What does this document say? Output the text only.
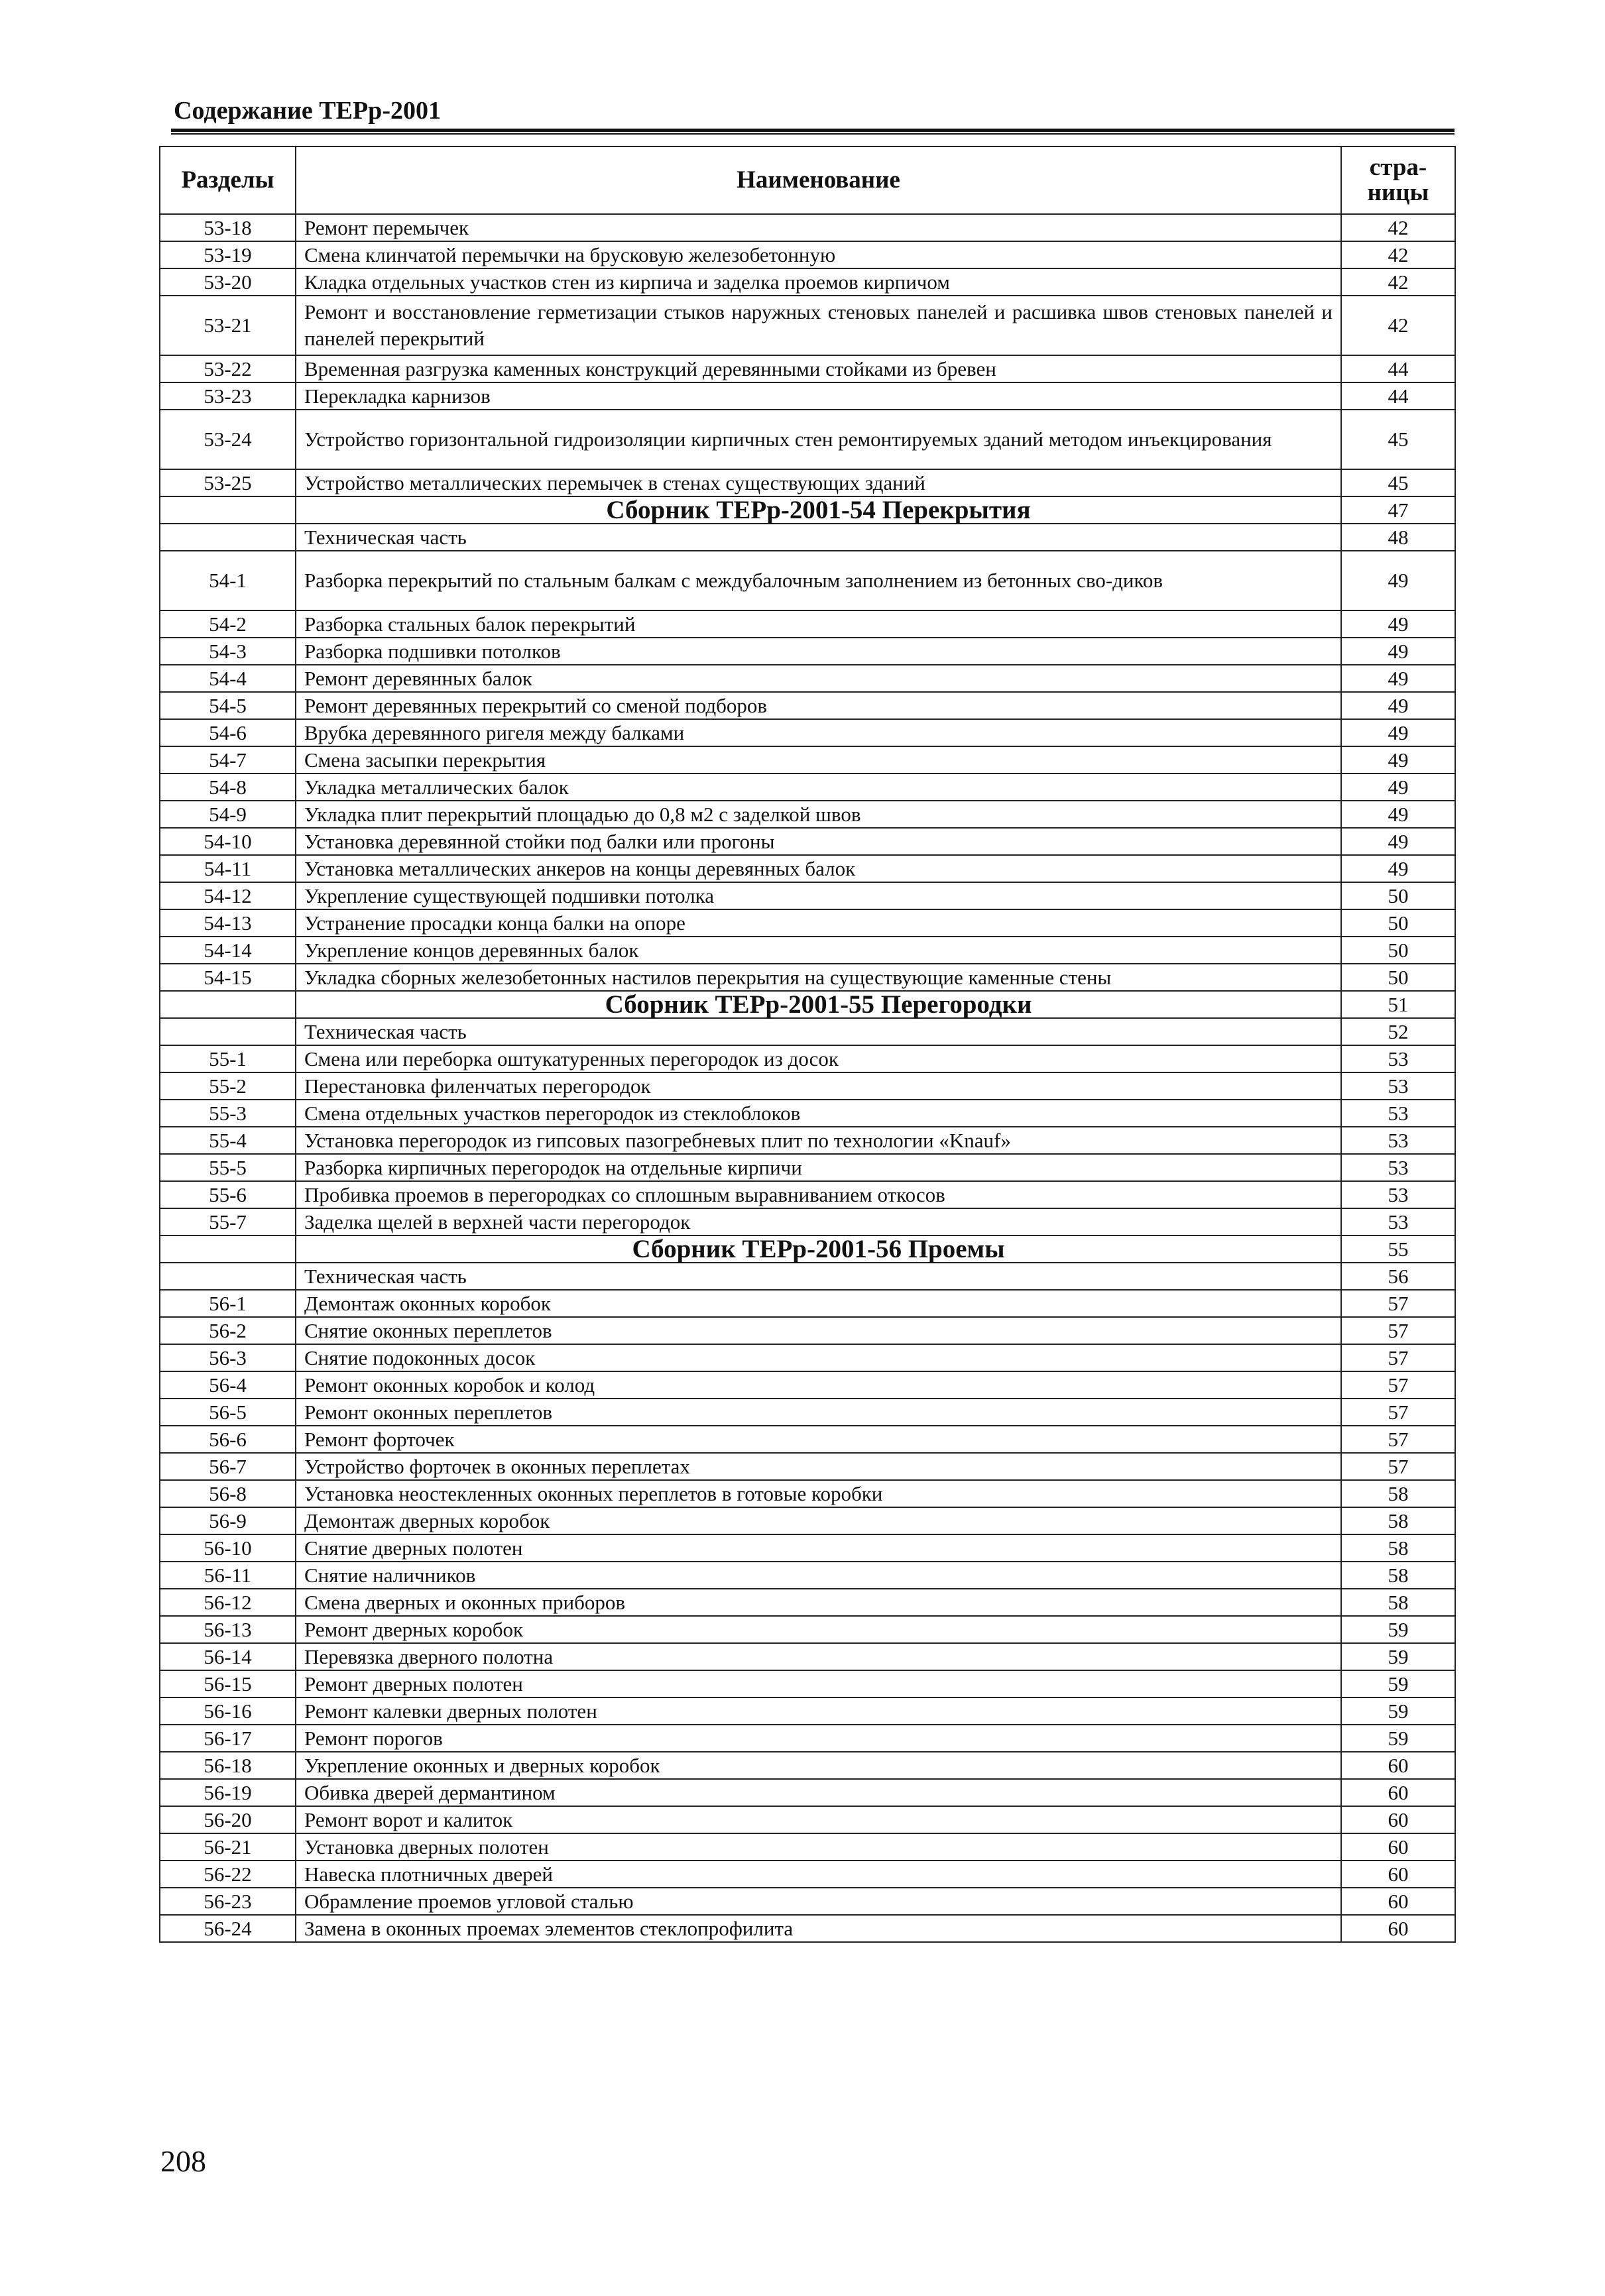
Содержание ТЕРр-2001
Разделы	Наименование	стра-
ницы
53-18	Ремонт перемычек	42
53-19	Смена клинчатой перемычки на брусковую железобетонную	42
53-20	Кладка отдельных участков стен из кирпича и заделка проемов кирпичом	42
53-21	Ремонт и восстановление герметизации стыков наружных стеновых панелей и расшивка швов стеновых панелей и панелей перекрытий	42
53-22	Временная разгрузка каменных конструкций деревянными стойками из бревен	44
53-23	Перекладка карнизов	44
53-24	Устройство горизонтальной гидроизоляции кирпичных стен ремонтируемых зданий методом инъекцирования	45
53-25	Устройство металлических перемычек в стенах существующих зданий	45
	Сборник ТЕРр-2001-54 Перекрытия	47
	Техническая часть	48
54-1	Разборка перекрытий по стальным балкам с междубалочным заполнением из бетонных сво-диков	49
54-2	Разборка стальных балок перекрытий	49
54-3	Разборка подшивки потолков	49
54-4	Ремонт деревянных балок	49
54-5	Ремонт деревянных перекрытий со сменой подборов	49
54-6	Врубка деревянного ригеля между балками	49
54-7	Смена засыпки перекрытия	49
54-8	Укладка металлических балок	49
54-9	Укладка плит перекрытий площадью до 0,8 м2 с заделкой швов	49
54-10	Установка деревянной стойки под балки или прогоны	49
54-11	Установка металлических анкеров на концы деревянных балок	49
54-12	Укрепление существующей подшивки потолка	50
54-13	Устранение просадки конца балки на опоре	50
54-14	Укрепление концов деревянных балок	50
54-15	Укладка сборных железобетонных настилов перекрытия на существующие каменные стены	50
	Сборник ТЕРр-2001-55 Перегородки	51
	Техническая часть	52
55-1	Смена или переборка оштукатуренных перегородок из досок	53
55-2	Перестановка филенчатых перегородок	53
55-3	Смена отдельных участков перегородок из стеклоблоков	53
55-4	Установка перегородок из гипсовых пазогребневых плит по технологии «Knauf»	53
55-5	Разборка кирпичных перегородок на отдельные кирпичи	53
55-6	Пробивка проемов в перегородках со сплошным выравниванием откосов	53
55-7	Заделка щелей в верхней части перегородок	53
	Сборник ТЕРр-2001-56 Проемы	55
	Техническая часть	56
56-1	Демонтаж оконных коробок	57
56-2	Снятие оконных переплетов	57
56-3	Снятие подоконных досок	57
56-4	Ремонт оконных коробок и колод	57
56-5	Ремонт оконных переплетов	57
56-6	Ремонт форточек	57
56-7	Устройство форточек в оконных переплетах	57
56-8	Установка неостекленных оконных переплетов в готовые коробки	58
56-9	Демонтаж дверных коробок	58
56-10	Снятие дверных полотен	58
56-11	Снятие наличников	58
56-12	Смена дверных и оконных приборов	58
56-13	Ремонт дверных коробок	59
56-14	Перевязка дверного полотна	59
56-15	Ремонт дверных полотен	59
56-16	Ремонт калевки дверных полотен	59
56-17	Ремонт порогов	59
56-18	Укрепление оконных и дверных коробок	60
56-19	Обивка дверей дермантином	60
56-20	Ремонт ворот и калиток	60
56-21	Установка дверных полотен	60
56-22	Навеска плотничных дверей	60
56-23	Обрамление проемов угловой сталью	60
56-24	Замена в оконных проемах элементов стеклопрофилита	60
208
